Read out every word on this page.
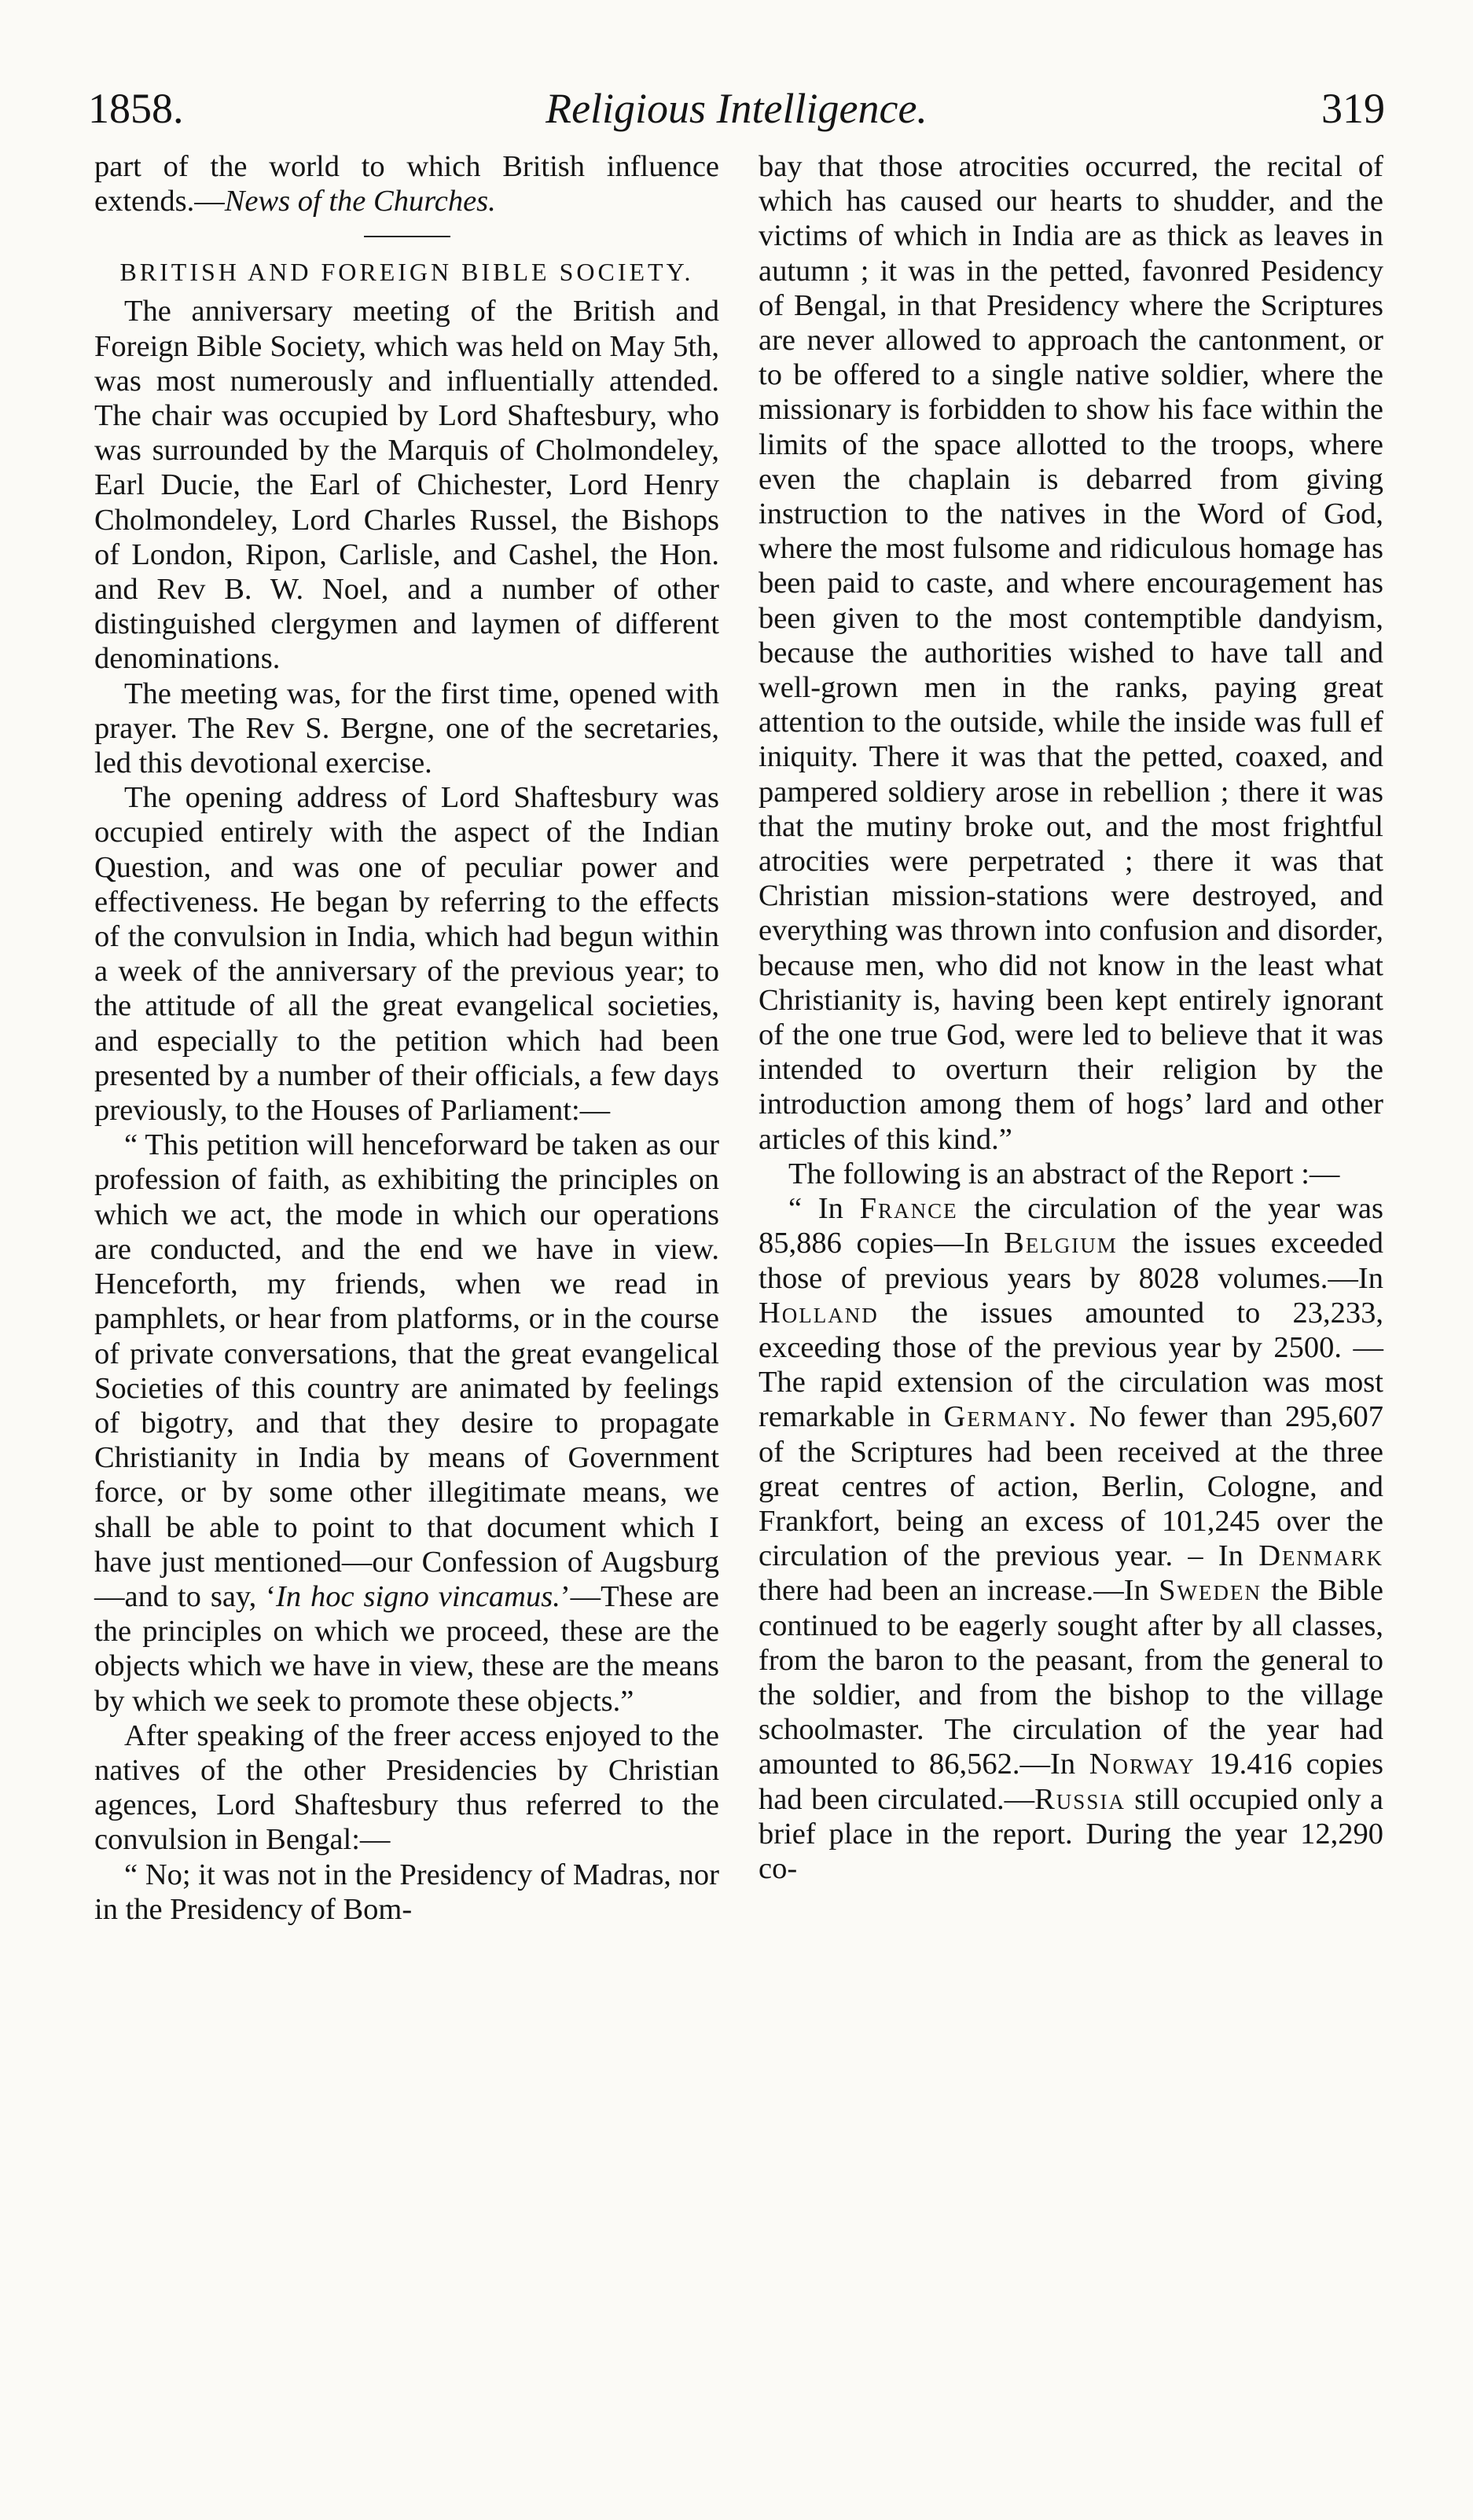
1858.	Religious Intelligence.	319

part of the world to which British influence extends.—News of the Churches.

BRITISH AND FOREIGN BIBLE SOCIETY.

The anniversary meeting of the British and Foreign Bible Society, which was held on May 5th, was most numerously and influentially attended. The chair was occupied by Lord Shaftesbury, who was surrounded by the Marquis of Cholmondeley, Earl Ducie, the Earl of Chichester, Lord Henry Cholmondeley, Lord Charles Russel, the Bishops of London, Ripon, Carlisle, and Cashel, the Hon. and Rev B. W. Noel, and a number of other distinguished clergymen and laymen of different denominations.

The meeting was, for the first time, opened with prayer. The Rev S. Bergne, one of the secretaries, led this devotional exercise.

The opening address of Lord Shaftesbury was occupied entirely with the aspect of the Indian Question, and was one of peculiar power and effectiveness. He began by referring to the effects of the convulsion in India, which had begun within a week of the anniversary of the previous year; to the attitude of all the great evangelical societies, and especially to the petition which had been presented by a number of their officials, a few days previously, to the Houses of Parliament:—

“ This petition will henceforward be taken as our profession of faith, as exhibiting the principles on which we act, the mode in which our operations are conducted, and the end we have in view. Henceforth, my friends, when we read in pamphlets, or hear from platforms, or in the course of private conversations, that the great evangelical Societies of this country are animated by feelings of bigotry, and that they desire to propagate Christianity in India by means of Government force, or by some other illegitimate means, we shall be able to point to that document which I have just mentioned—our Confession of Augsburg—and to say, ‘In hoc signo vincamus.’—These are the principles on which we proceed, these are the objects which we have in view, these are the means by which we seek to promote these objects.”

After speaking of the freer access enjoyed to the natives of the other Presidencies by Christian agences, Lord Shaftesbury thus referred to the convulsion in Bengal:—

“ No; it was not in the Presidency of Madras, nor in the Presidency of Bom-

bay that those atrocities occurred, the recital of which has caused our hearts to shudder, and the victims of which in India are as thick as leaves in autumn ; it was in the petted, favonred Pesidency of Bengal, in that Presidency where the Scriptures are never allowed to approach the cantonment, or to be offered to a single native soldier, where the missionary is forbidden to show his face within the limits of the space allotted to the troops, where even the chaplain is debarred from giving instruction to the natives in the Word of God, where the most fulsome and ridiculous homage has been paid to caste, and where encouragement has been given to the most contemptible dandyism, because the authorities wished to have tall and well-grown men in the ranks, paying great attention to the outside, while the inside was full ef iniquity. There it was that the petted, coaxed, and pampered soldiery arose in rebellion ; there it was that the mutiny broke out, and the most frightful atrocities were perpetrated ; there it was that Christian mission-stations were destroyed, and everything was thrown into confusion and disorder, because men, who did not know in the least what Christianity is, having been kept entirely ignorant of the one true God, were led to believe that it was intended to overturn their religion by the introduction among them of hogs’ lard and other articles of this kind.”

The following is an abstract of the Report :—

“ In France the circulation of the year was 85,886 copies—In Belgium the issues exceeded those of previous years by 8028 volumes.—In Holland the issues amounted to 23,233, exceeding those of the previous year by 2500. —The rapid extension of the circulation was most remarkable in Germany. No fewer than 295,607 of the Scriptures had been received at the three great centres of action, Berlin, Cologne, and Frankfort, being an excess of 101,245 over the circulation of the previous year. – In Denmark there had been an increase.—In Sweden the Bible continued to be eagerly sought after by all classes, from the baron to the peasant, from the general to the soldier, and from the bishop to the village schoolmaster. The circulation of the year had amounted to 86,562.—In Norway 19.416 copies had been circulated.—Russia still occupied only a brief place in the report. During the year 12,290 co-
